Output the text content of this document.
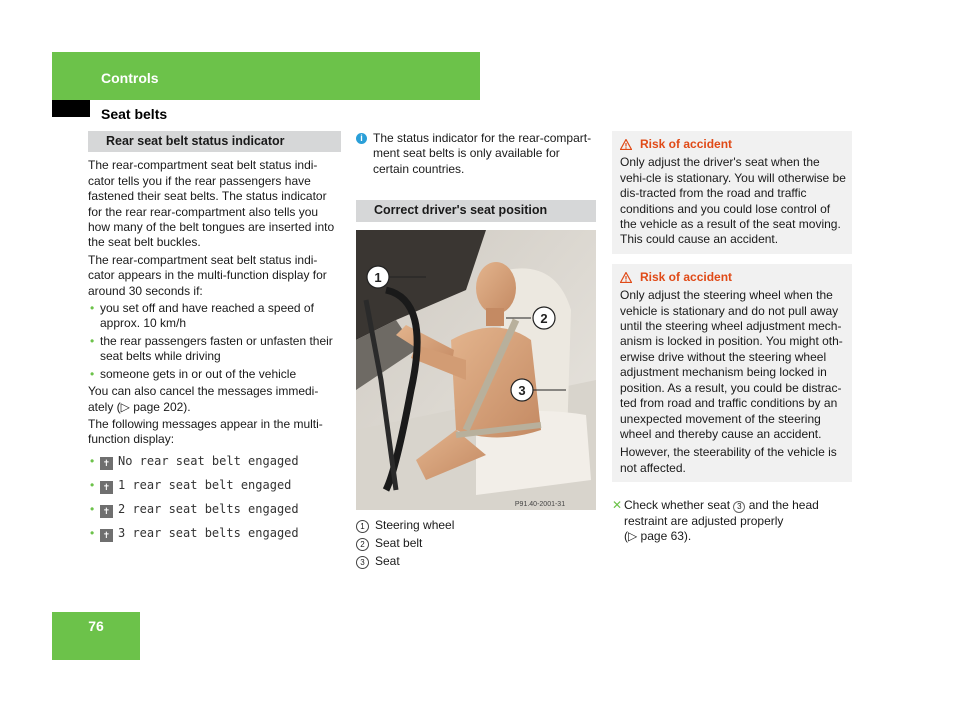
Controls
Seat belts
Rear seat belt status indicator

The rear-compartment seat belt status indi-cator tells you if the rear passengers have fastened their seat belts. The status indicator for the rear rear-compartment also tells you how many of the belt tongues are inserted into the seat belt buckles.

The rear-compartment seat belt status indi-cator appears in the multi-function display for around 30 seconds if:

• you set off and have reached a speed of approx. 10 km/h
• the rear passengers fasten or unfasten their seat belts while driving
• someone gets in or out of the vehicle

You can also cancel the messages immedi-ately (▷ page 202).

The following messages appear in the multi-function display:

• ✝ No rear seat belt engaged
• ✝ 1 rear seat belt engaged
• ✝ 2 rear seat belts engaged
• ✝ 3 rear seat belts engaged
i The status indicator for the rear-compart-ment seat belts is only available for certain countries.
Correct driver's seat position
1
2
3
P91.40-2001-31
1 Steering wheel
2 Seat belt
3 Seat
Risk of accident
Only adjust the driver's seat when the vehi-cle is stationary. You will otherwise be dis-tracted from the road and traffic conditions and you could lose control of the vehicle as a result of the seat moving. This could cause an accident.
Risk of accident
Only adjust the steering wheel when the vehicle is stationary and do not pull away until the steering wheel adjustment mech-anism is locked in position. You might oth-erwise drive without the steering wheel adjustment mechanism being locked in position. As a result, you could be distrac-ted from road and traffic conditions by an unexpected movement of the steering wheel and thereby cause an accident.
However, the steerability of the vehicle is not affected.
✕ Check whether seat 3 and the head restraint are adjusted properly
(▷ page 63).
76
